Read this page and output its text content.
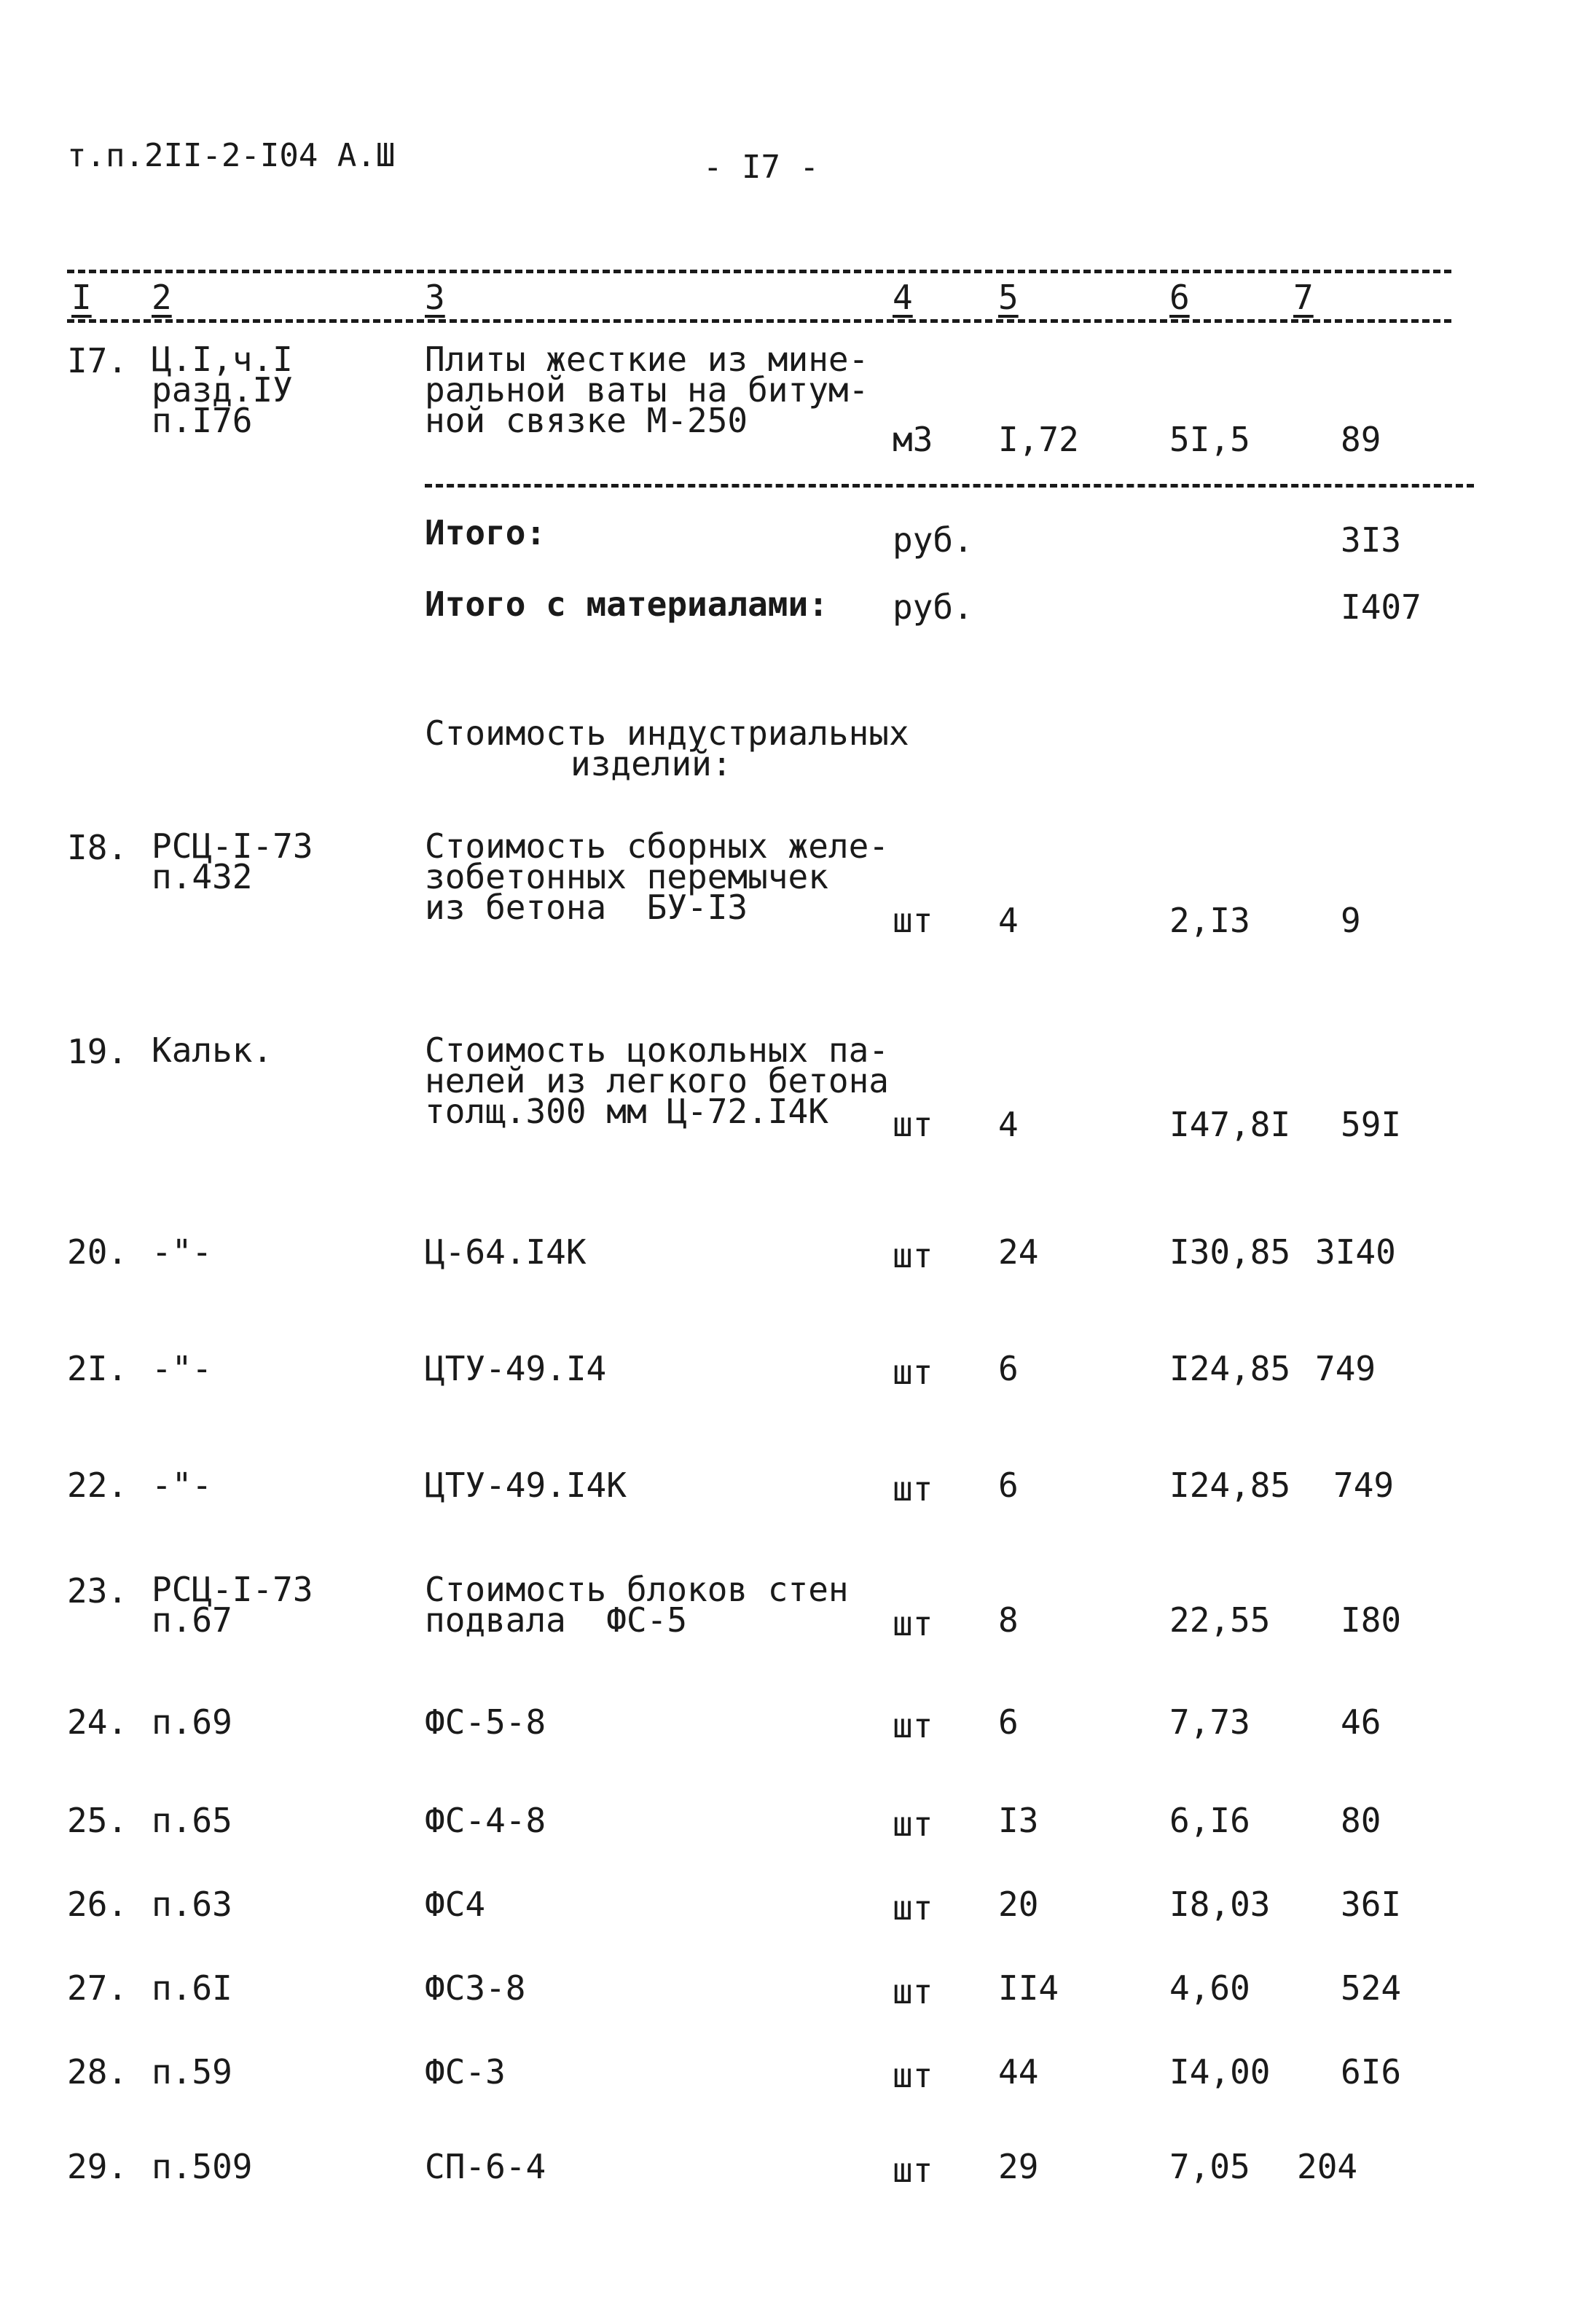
т.п.2II-2-I04 А.Ш	- I7 -
I 2	3	4	5	6	7
I7. Ц.I,ч.I
разд.IУ
п.I76
Плиты жесткие из мине-
ральной ваты на битум-
ной связке М-250	м3 I,72	5I,5	89
Итого:	руб.	3I3
Итого с материалами: руб.	I407
Стоимость индустриальных
изделий:
I8. РСЦ-I-73
п.432
Стоимость сборных желе-
зобетонных перемычек
из бетона  БУ-I3	шт 4	2,I3	9
19. Кальк.	Стоимость цокольных па-
нелей из легкого бетона
толщ.300 мм Ц-72.I4К	шт 4	I47,8I 59I
20. -"-	Ц-64.I4К	шт 24	I30,85 3I40
2I. -"-	ЦТУ-49.I4	шт 6	I24,85 749
22. -"-	ЦТУ-49.I4К	шт 6	I24,85 749
23. РСЦ-I-73
п.67
Стоимость блоков стен
подвала  ФС-5	шт 8	22,55 I80
24. п.69	ФС-5-8	шт 6	7,73	46
25. п.65	ФС-4-8	шт I3	6,I6	80
26. п.63	ФС4	шт 20	I8,03 36I
27. п.6I	ФС3-8	шт II4	4,60	524
28. п.59	ФС-3	шт 44	I4,00 6I6
29. п.509	СП-6-4	шт 29	7,05 204
